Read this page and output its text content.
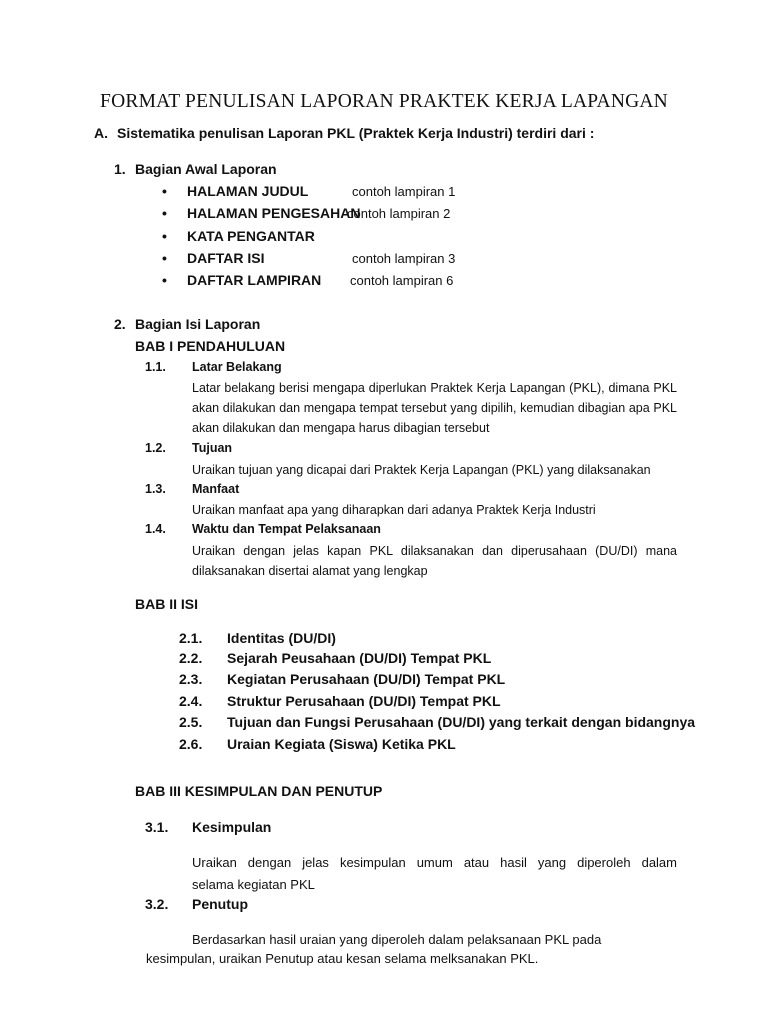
FORMAT PENULISAN LAPORAN PRAKTEK KERJA LAPANGAN
A. Sistematika penulisan Laporan PKL (Praktek Kerja Industri) terdiri dari :
1. Bagian Awal Laporan
• HALAMAN JUDUL	contoh lampiran 1
• HALAMAN PENGESAHAN
contoh lampiran 2
• KATA PENGANTAR
• DAFTAR ISI	contoh lampiran 3
• DAFTAR LAMPIRAN contoh lampiran 6
2. Bagian Isi Laporan
BAB I PENDAHULUAN
1.1. Latar Belakang
Latar belakang berisi mengapa diperlukan Praktek Kerja Lapangan (PKL), dimana PKL
akan dilakukan dan mengapa tempat tersebut yang dipilih, kemudian dibagian apa PKL
akan dilakukan dan mengapa harus dibagian tersebut
1.2. Tujuan
Uraikan tujuan yang dicapai dari Praktek Kerja Lapangan (PKL) yang dilaksanakan
1.3. Manfaat
Uraikan manfaat apa yang diharapkan dari adanya Praktek Kerja Industri
1.4. Waktu dan Tempat Pelaksanaan
Uraikan dengan jelas kapan PKL dilaksanakan dan diperusahaan (DU/DI) mana
dilaksanakan disertai alamat yang lengkap
BAB II ISI
2.1. Identitas (DU/DI)
2.2. Sejarah Peusahaan (DU/DI) Tempat PKL
2.3. Kegiatan Perusahaan (DU/DI) Tempat PKL
2.4. Struktur Perusahaan (DU/DI) Tempat PKL
2.5. Tujuan dan Fungsi Perusahaan (DU/DI) yang terkait dengan bidangnya
2.6. Uraian Kegiata (Siswa) Ketika PKL
BAB III KESIMPULAN DAN PENUTUP
3.1. Kesimpulan
Uraikan dengan jelas kesimpulan umum atau hasil yang diperoleh dalam
selama kegiatan PKL
3.2. Penutup
Berdasarkan hasil uraian yang diperoleh dalam pelaksanaan PKL pada
kesimpulan, uraikan Penutup atau kesan selama melksanakan PKL.
